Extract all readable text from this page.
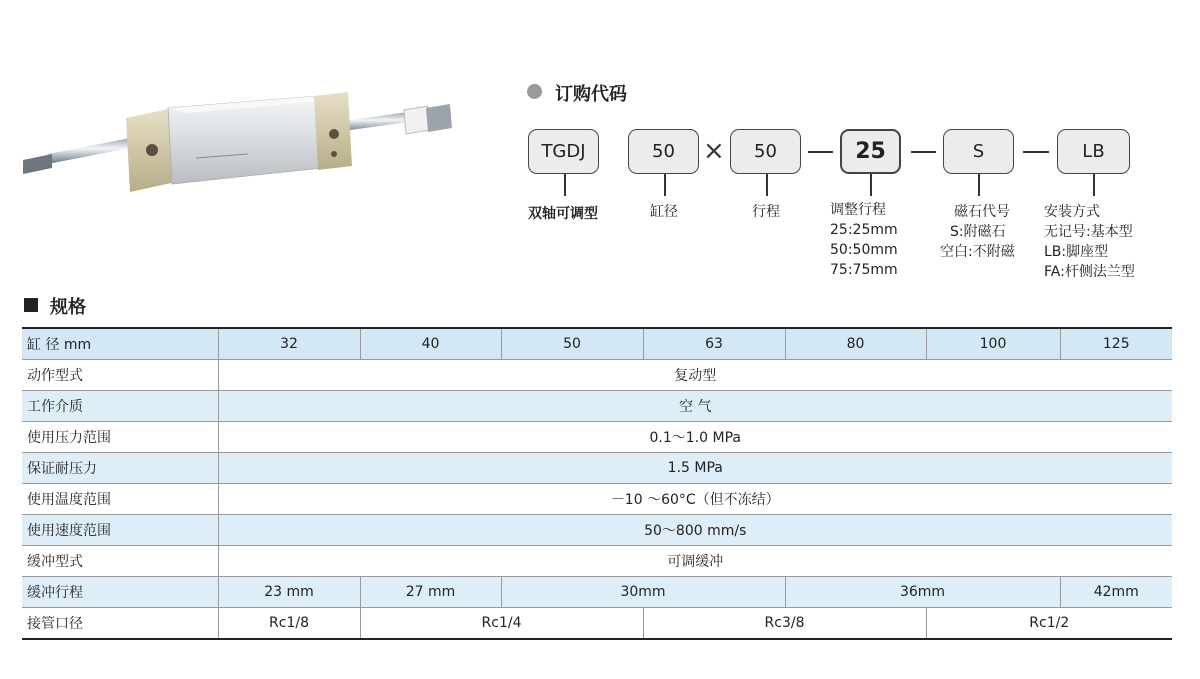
订购代码
TGDJ	50	×	50	25	S	LB
双轴可调型	缸径	行程	调整行程
25:25mm
50:50mm
75:75mm
磁石代号
S:附磁石
空白:不附磁
安装方式
无记号:基本型
LB:脚座型
FA:杆侧法兰型
规格
缸 径 mm	32	40	50	63	80	100	125
动作型式	复动型						
工作介质	空 气						
使用压力范围	0.1～1.0 MPa						
保证耐压力	1.5 MPa						
使用温度范围	－10 ～60°C（但不冻结）						
使用速度范围	50～800 mm/s						
缓冲型式	可调缓冲						
缓冲行程	23 mm	27 mm	30mm		36mm		42mm
接管口径	Rc1/8	Rc1/4		Rc3/8		Rc1/2	
